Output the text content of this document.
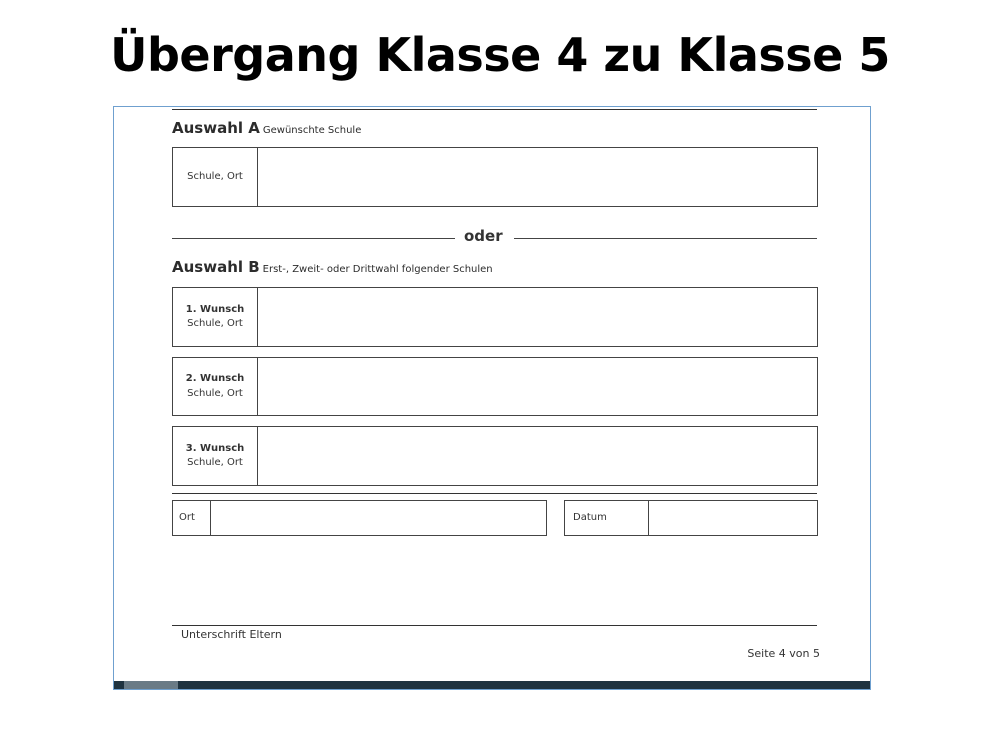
Übergang Klasse 4 zu Klasse 5
Auswahl A Gewünschte Schule
Schule, Ort
oder
Auswahl B Erst-, Zweit- oder Drittwahl folgender Schulen
1. Wunsch
Schule, Ort
2. Wunsch
Schule, Ort
3. Wunsch
Schule, Ort
Ort	Datum
Unterschrift Eltern
Seite 4 von 5
